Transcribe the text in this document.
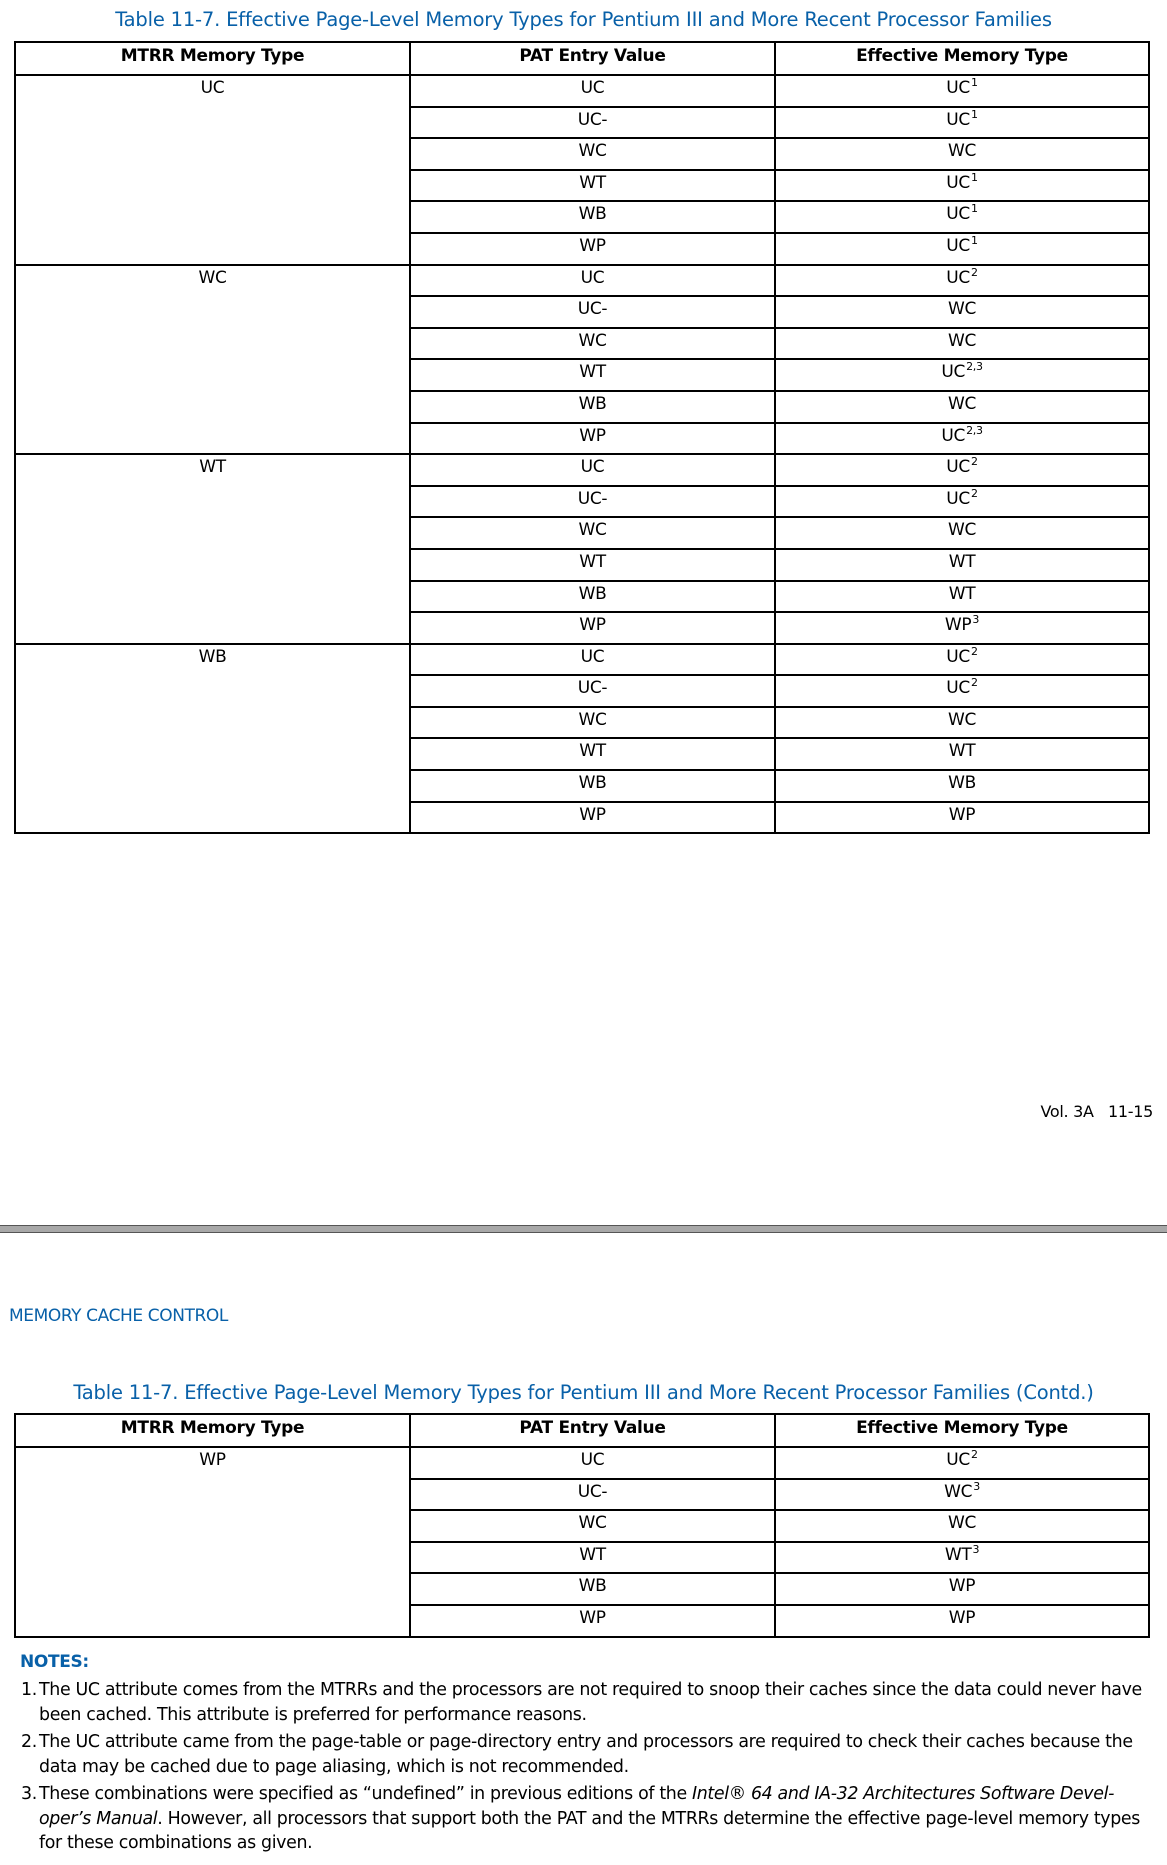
Table 11-7. Effective Page-Level Memory Types for Pentium III and More Recent Processor Families
MTRR Memory Type	PAT Entry Value	Effective Memory Type
UC	UC	$UC^1$
	UC-	$UC^1$
	WC	WC
	WT	$UC^1$
	WB	$UC^1$
	WP	$UC^1$
WC	UC	$UC^2$
	UC-	WC
	WC	WC
	WT	UC$^{2,3}$
	WB	WC
	WP	UC$^{2,3}$
WT	UC	$UC^2$
	UC-	$UC^2$
	WC	WC
	WT	WT
	WB	WT
	WP	$WP^3$
WB	UC	$UC^2$
	UC-	$UC^2$
	WC	WC
	WT	WT
	WB	WB
	WP	WP
Vol. 3A   11-15
MEMORY CACHE CONTROL
Table 11-7. Effective Page-Level Memory Types for Pentium III and More Recent Processor Families (Contd.)
MTRR Memory Type	PAT Entry Value	Effective Memory Type
WP	UC	$UC^2$
	UC-	$WC^3$
	WC	WC
	WT	$WT^3$
	WB	WP
	WP	WP
NOTES:
1. The UC attribute comes from the MTRRs and the processors are not required to snoop their caches since the data could never have been cached. This attribute is preferred for performance reasons.
2. The UC attribute came from the page-table or page-directory entry and processors are required to check their caches because the data may be cached due to page aliasing, which is not recommended.
3. These combinations were specified as “undefined” in previous editions of the Intel® 64 and IA-32 Architectures Software Devel-oper’s Manual. However, all processors that support both the PAT and the MTRRs determine the effective page-level memory types for these combinations as given.
